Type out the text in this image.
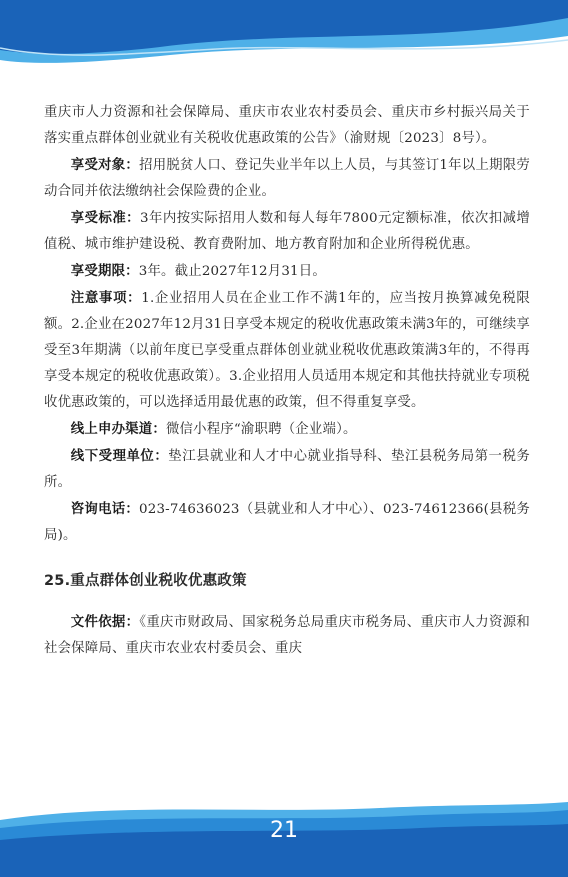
重庆市人力资源和社会保障局、重庆市农业农村委员会、重庆市乡村振兴局关于落实重点群体创业就业有关税收优惠政策的公告》（渝财规〔2023〕8号）。

享受对象：招用脱贫人口、登记失业半年以上人员，与其签订1年以上期限劳动合同并依法缴纳社会保险费的企业。

享受标准：3年内按实际招用人数和每人每年7800元定额标准，依次扣减增值税、城市维护建设税、教育费附加、地方教育附加和企业所得税优惠。

享受期限：3年。截止2027年12月31日。

注意事项：1.企业招用人员在企业工作不满1年的，应当按月换算减免税限额。2.企业在2027年12月31日享受本规定的税收优惠政策未满3年的，可继续享受至3年期满（以前年度已享受重点群体创业就业税收优惠政策满3年的，不得再享受本规定的税收优惠政策）。3.企业招用人员适用本规定和其他扶持就业专项税收优惠政策的，可以选择适用最优惠的政策，但不得重复享受。

线上申办渠道：微信小程序“渝职聘（企业端）。

线下受理单位：垫江县就业和人才中心就业指导科、垫江县税务局第一税务所。

咨询电话：023-74636023（县就业和人才中心）、023-74612366(县税务局)。

25.重点群体创业税收优惠政策

文件依据：《重庆市财政局、国家税务总局重庆市税务局、重庆市人力资源和社会保障局、重庆市农业农村委员会、重庆

21
